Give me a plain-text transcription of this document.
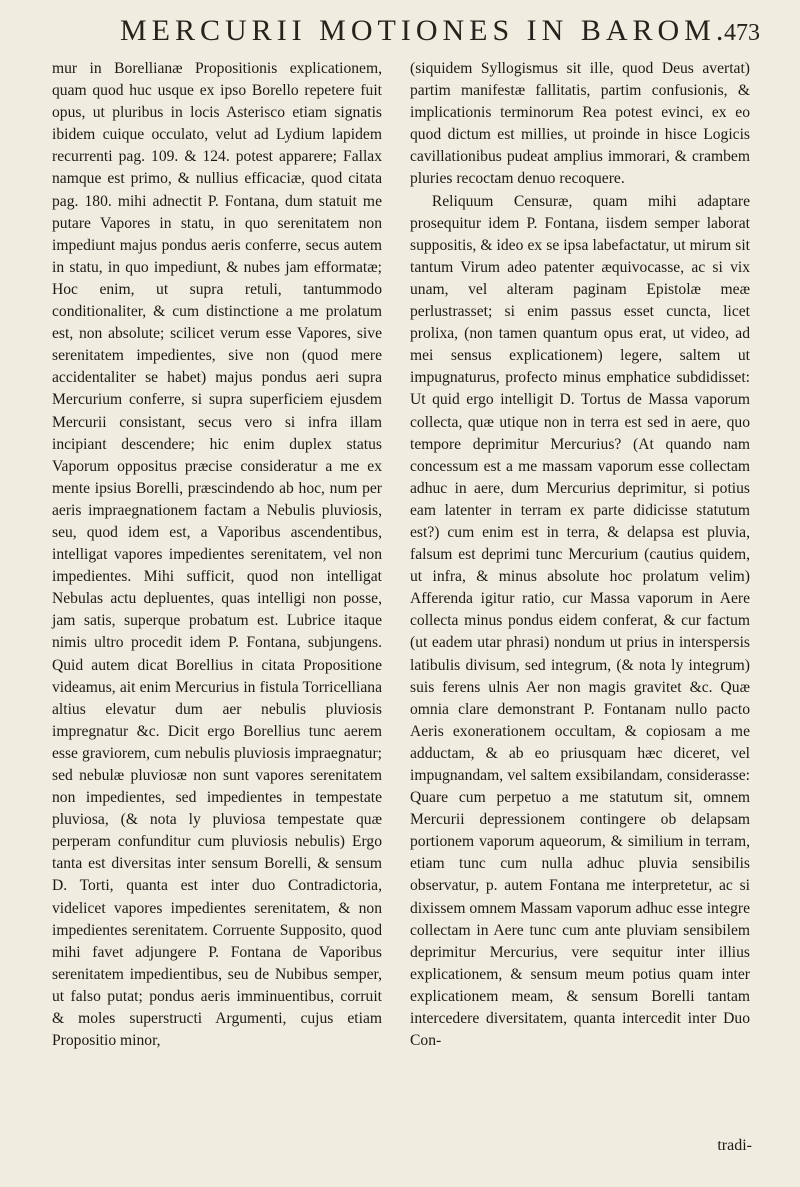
MERCURII MOTIONES IN BAROM.
473

mur in Borellianæ Propositionis explicationem, quam quod huc usque ex ipso Borello repetere fuit opus, ut pluribus in locis Asterisco etiam signatis ibidem cuique occulato, velut ad Lydium lapidem recurrenti pag. 109. & 124. potest apparere; Fallax namque est primo, & nullius efficaciæ, quod citata pag. 180. mihi adnectit P. Fontana, dum statuit me putare Vapores in statu, in quo serenitatem non impediunt majus pondus aeris conferre, secus autem in statu, in quo impediunt, & nubes jam efformatæ; Hoc enim, ut supra retuli, tantummodo conditionaliter, & cum distinctione a me prolatum est, non absolute; scilicet verum esse Vapores, sive serenitatem impedientes, sive non (quod mere accidentaliter se habet) majus pondus aeri supra Mercurium conferre, si supra superficiem ejusdem Mercurii consistant, secus vero si infra illam incipiant descendere; hic enim duplex status Vaporum oppositus præcise consideratur a me ex mente ipsius Borelli, præscindendo ab hoc, num per aeris impraegnationem factam a Nebulis pluviosis, seu, quod idem est, a Vaporibus ascendentibus, intelligat vapores impedientes serenitatem, vel non impedientes. Mihi sufficit, quod non intelligat Nebulas actu depluentes, quas intelligi non posse, jam satis, superque probatum est. Lubrice itaque nimis ultro procedit idem P. Fontana, subjungens. Quid autem dicat Borellius in citata Propositione videamus, ait enim Mercurius in fistula Torricelliana altius elevatur dum aer nebulis pluviosis impregnatur &c. Dicit ergo Borellius tunc aerem esse graviorem, cum nebulis pluviosis impraegnatur; sed nebulæ pluviosæ non sunt vapores serenitatem non impedientes, sed impedientes in tempestate pluviosa, (& nota ly pluviosa tempestate quæ perperam confunditur cum pluviosis nebulis) Ergo tanta est diversitas inter sensum Borelli, & sensum D. Torti, quanta est inter duo Contradictoria, videlicet vapores impedientes serenitatem, & non impedientes serenitatem. Corruente Supposito, quod mihi favet adjungere P. Fontana de Vaporibus serenitatem impedientibus, seu de Nubibus semper, ut falso putat; pondus aeris imminuentibus, corruit & moles superstructi Argumenti, cujus etiam Propositio minor,

(siquidem Syllogismus sit ille, quod Deus avertat) partim manifestæ fallitatis, partim confusionis, & implicationis terminorum Rea potest evinci, ex eo quod dictum est millies, ut proinde in hisce Logicis cavillationibus pudeat amplius immorari, & crambem pluries recoctam denuo recoquere.

Reliquum Censuræ, quam mihi adaptare prosequitur idem P. Fontana, iisdem semper laborat suppositis, & ideo ex se ipsa labefactatur, ut mirum sit tantum Virum adeo patenter æquivocasse, ac si vix unam, vel alteram paginam Epistolæ meæ perlustrasset; si enim passus esset cuncta, licet prolixa, (non tamen quantum opus erat, ut video, ad mei sensus explicationem) legere, saltem ut impugnaturus, profecto minus emphatice subdidisset: Ut quid ergo intelligit D. Tortus de Massa vaporum collecta, quæ utique non in terra est sed in aere, quo tempore deprimitur Mercurius? (At quando nam concessum est a me massam vaporum esse collectam adhuc in aere, dum Mercurius deprimitur, si potius eam latenter in terram ex parte didicisse statutum est?) cum enim est in terra, & delapsa est pluvia, falsum est deprimi tunc Mercurium (cautius quidem, ut infra, & minus absolute hoc prolatum velim) Afferenda igitur ratio, cur Massa vaporum in Aere collecta minus pondus eidem conferat, & cur factum (ut eadem utar phrasi) nondum ut prius in interspersis latibulis divisum, sed integrum, (& nota ly integrum) suis ferens ulnis Aer non magis gravitet &c. Quæ omnia clare demonstrant P. Fontanam nullo pacto Aeris exonerationem occultam, & copiosam a me adductam, & ab eo priusquam hæc diceret, vel impugnandam, vel saltem exsibilandam, considerasse: Quare cum perpetuo a me statutum sit, omnem Mercurii depressionem contingere ob delapsam portionem vaporum aqueorum, & similium in terram, etiam tunc cum nulla adhuc pluvia sensibilis observatur, p. autem Fontana me interpretetur, ac si dixissem omnem Massam vaporum adhuc esse integre collectam in Aere tunc cum ante pluviam sensibilem deprimitur Mercurius, vere sequitur inter illius explicationem, & sensum meum potius quam inter explicationem meam, & sensum Borelli tantam intercedere diversitatem, quanta intercedit inter Duo Con-

tradi-
